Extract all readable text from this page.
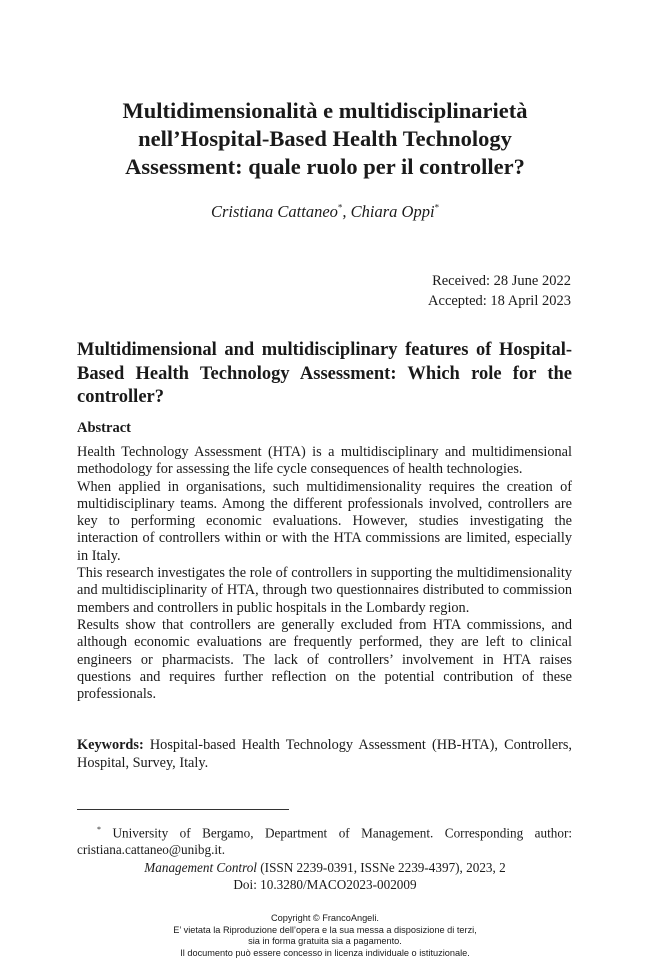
Multidimensionalità e multidisciplinarietà
nell’Hospital-Based Health Technology
Assessment: quale ruolo per il controller?
Cristiana Cattaneo*, Chiara Oppi*
Received: 28 June 2022
Accepted: 18 April 2023
Multidimensional and multidisciplinary features of Hospital-Based Health Technology Assessment: Which role for the controller?
Abstract

Health Technology Assessment (HTA) is a multidisciplinary and multidimensional methodology for assessing the life cycle consequences of health technologies.

When applied in organisations, such multidimensionality requires the creation of multidisciplinary teams. Among the different professionals involved, controllers are key to performing economic evaluations. However, studies investigating the interaction of controllers within or with the HTA commissions are limited, especially in Italy.

This research investigates the role of controllers in supporting the multidimensionality and multidisciplinarity of HTA, through two questionnaires distributed to commission members and controllers in public hospitals in the Lombardy region.

Results show that controllers are generally excluded from HTA commissions, and although economic evaluations are frequently performed, they are left to clinical engineers or pharmacists. The lack of controllers’ involvement in HTA raises questions and requires further reflection on the potential contribution of these professionals.

Keywords: Hospital-based Health Technology Assessment (HB-HTA), Controllers, Hospital, Survey, Italy.
* University of Bergamo, Department of Management. Corresponding author: cristiana.cattaneo@unibg.it.
Management Control (ISSN 2239-0391, ISSNe 2239-4397), 2023, 2
Doi: 10.3280/MACO2023-002009
Copyright © FrancoAngeli.
E’ vietata la Riproduzione dell’opera e la sua messa a disposizione di terzi,
sia in forma gratuita sia a pagamento.
Il documento può essere concesso in licenza individuale o istituzionale.
